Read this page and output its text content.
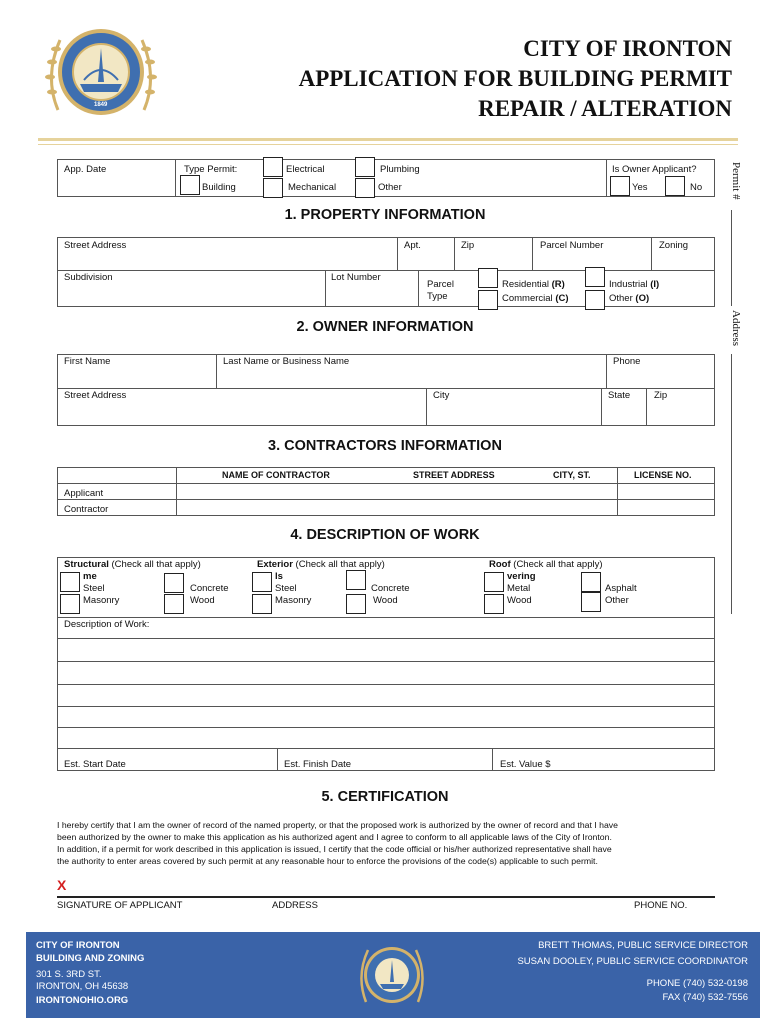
1849
CITY OF IRONTON
APPLICATION FOR BUILDING PERMIT
REPAIR / ALTERATION
Permit #
Address
App. Date	Type Permit:
Building
Electrical
Mechanical
Plumbing
Other
Is Owner Applicant?
Yes	No
1. PROPERTY INFORMATION
Street Address	Apt.	Zip	Parcel Number	Zoning
Subdivision	Lot Number
Parcel
Type
Residential (R)
Commercial (C)
Industrial (I)
Other (O)
2. OWNER INFORMATION
First Name	Last Name or Business Name	Phone
Street Address	City	State	Zip
3. CONTRACTORS INFORMATION
NAME OF CONTRACTOR	STREET ADDRESS	CITY, ST.	LICENSE NO.
Applicant
Contractor
4. DESCRIPTION OF WORK
Structural (Check all that apply)
me
Steel
Masonry
Concrete
Wood
Exterior (Check all that apply)
ls
Steel
Masonry
Concrete
Wood
Roof (Check all that apply)
vering
Metal
Wood
Asphalt
Other
Description of Work:
Est. Start Date	Est. Finish Date	Est. Value $
5. CERTIFICATION
I hereby certify that I am the owner of record of the named property, or that the proposed work is authorized by the owner of record and that I have
been authorized by the owner to make this application as his authorized agent and I agree to conform to all applicable laws of the City of Ironton.
In addition, if a permit for work described in this application is issued, I certify that the code official or his/her authorized representative shall have
the authority to enter areas covered by such permit at any reasonable hour to enforce the provisions of the code(s) applicable to such permit.
X
SIGNATURE OF APPLICANT	ADDRESS	PHONE NO.
CITY OF IRONTON
BUILDING AND ZONING
301 S. 3RD ST.
IRONTON, OH 45638
IRONTONOHIO.ORG
BRETT THOMAS, PUBLIC SERVICE DIRECTOR
SUSAN DOOLEY, PUBLIC SERVICE COORDINATOR
PHONE (740) 532-0198
FAX (740) 532-7556
